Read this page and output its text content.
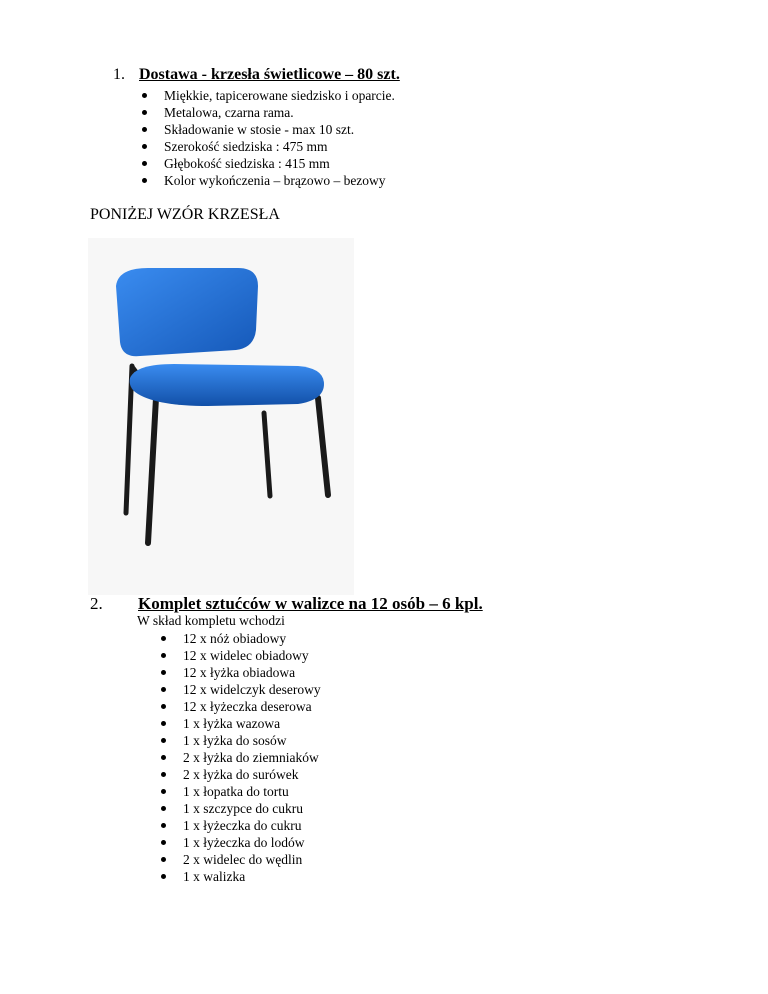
1. Dostawa - krzesła świetlicowe – 80 szt.
Miękkie, tapicerowane siedzisko i oparcie.
Metalowa, czarna rama.
Składowanie w stosie - max 10 szt.
Szerokość siedziska : 475 mm
Głębokość siedziska : 415 mm
Kolor wykończenia – brązowo – bezowy
PONIŻEJ WZÓR KRZESŁA
2. Komplet sztućców w walizce na 12 osób – 6 kpl.
W skład kompletu wchodzi
12 x nóż obiadowy
12 x widelec obiadowy
12 x łyżka obiadowa
12 x widelczyk deserowy
12 x łyżeczka deserowa
1 x łyżka wazowa
1 x łyżka do sosów
2 x łyżka do ziemniaków
2 x łyżka do surówek
1 x łopatka do tortu
1 x szczypce do cukru
1 x łyżeczka do cukru
1 x łyżeczka do lodów
2 x widelec do wędlin
1 x walizka
